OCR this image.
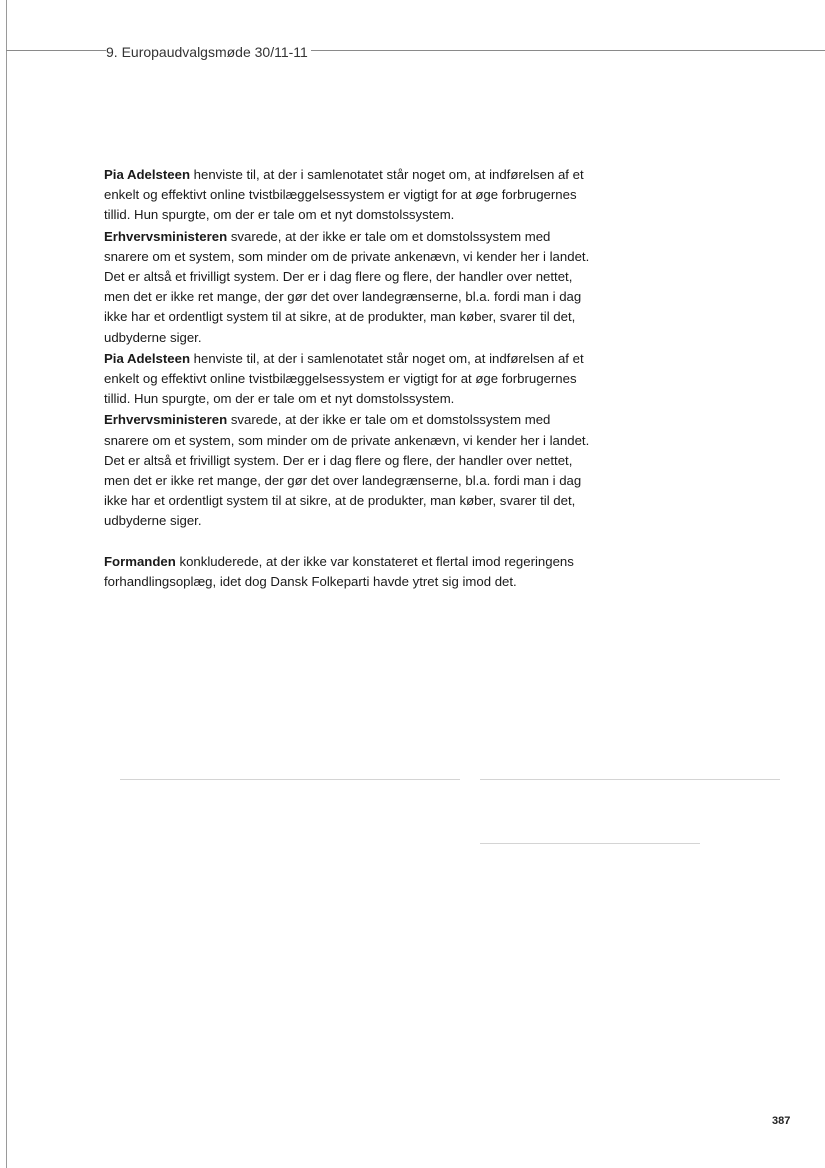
9. Europaudvalgsmøde 30/11-11

Pia Adelsteen henviste til, at der i samlenotatet står noget om, at indførelsen af et enkelt og effektivt online tvistbilæggelsessystem er vigtigt for at øge forbrugernes tillid. Hun spurgte, om der er tale om et nyt domstolssystem.

Erhvervsministeren svarede, at der ikke er tale om et domstolssystem med snarere om et system, som minder om de private ankenævn, vi kender her i landet. Det er altså et frivilligt system. Der er i dag flere og flere, der handler over nettet, men det er ikke ret mange, der gør det over landegrænserne, bl.a. fordi man i dag ikke har et ordentligt system til at sikre, at de produkter, man køber, svarer til det, udbyderne siger.

Pia Adelsteen henviste til, at der i samlenotatet står noget om, at indførelsen af et enkelt og effektivt online tvistbilæggelsessystem er vigtigt for at øge forbrugernes tillid. Hun spurgte, om der er tale om et nyt domstolssystem.

Erhvervsministeren svarede, at der ikke er tale om et domstolssystem med snarere om et system, som minder om de private ankenævn, vi kender her i landet. Det er altså et frivilligt system. Der er i dag flere og flere, der handler over nettet, men det er ikke ret mange, der gør det over landegrænserne, bl.a. fordi man i dag ikke har et ordentligt system til at sikre, at de produkter, man køber, svarer til det, udbyderne siger.

Formanden konkluderede, at der ikke var konstateret et flertal imod regeringens forhandlingsoplæg, idet dog Dansk Folkeparti havde ytret sig imod det.

387
